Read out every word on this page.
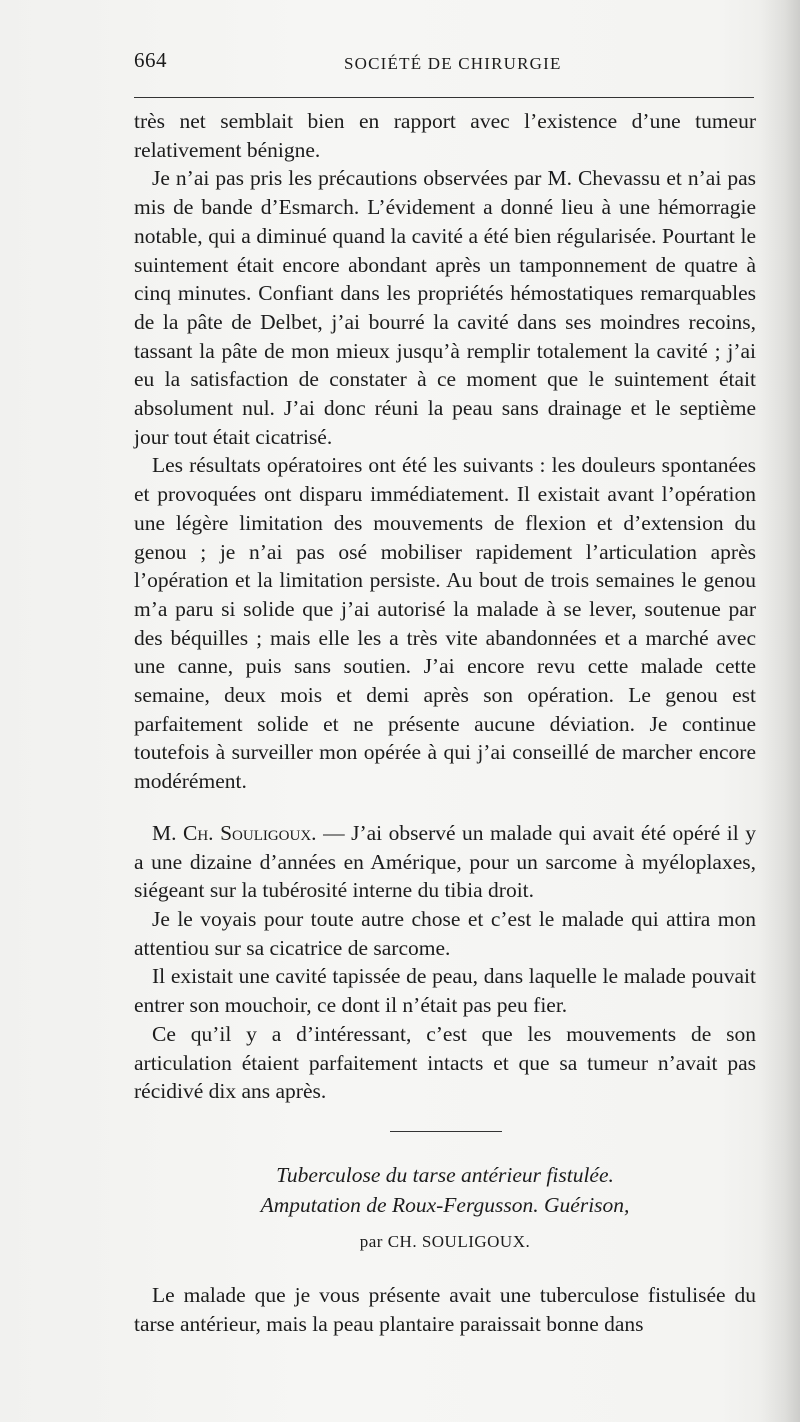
664	SOCIÉTÉ DE CHIRURGIE

très net semblait bien en rapport avec l’existence d’une tumeur relativement bénigne.

Je n’ai pas pris les précautions observées par M. Chevassu et n’ai pas mis de bande d’Esmarch. L’évidement a donné lieu à une hémorragie notable, qui a diminué quand la cavité a été bien régularisée. Pourtant le suintement était encore abondant après un tamponnement de quatre à cinq minutes. Confiant dans les propriétés hémostatiques remarquables de la pâte de Delbet, j’ai bourré la cavité dans ses moindres recoins, tassant la pâte de mon mieux jusqu’à remplir totalement la cavité ; j’ai eu la satisfaction de constater à ce moment que le suintement était absolument nul. J’ai donc réuni la peau sans drainage et le septième jour tout était cicatrisé.

Les résultats opératoires ont été les suivants : les douleurs spontanées et provoquées ont disparu immédiatement. Il existait avant l’opération une légère limitation des mouvements de flexion et d’extension du genou ; je n’ai pas osé mobiliser rapidement l’articulation après l’opération et la limitation persiste. Au bout de trois semaines le genou m’a paru si solide que j’ai autorisé la malade à se lever, soutenue par des béquilles ; mais elle les a très vite abandonnées et a marché avec une canne, puis sans soutien. J’ai encore revu cette malade cette semaine, deux mois et demi après son opération. Le genou est parfaitement solide et ne présente aucune déviation. Je continue toutefois à surveiller mon opérée à qui j’ai conseillé de marcher encore modérément.

M. Ch. Souligoux. — J’ai observé un malade qui avait été opéré il y a une dizaine d’années en Amérique, pour un sarcome à myéloplaxes, siégeant sur la tubérosité interne du tibia droit.

Je le voyais pour toute autre chose et c’est le malade qui attira mon attentiou sur sa cicatrice de sarcome.

Il existait une cavité tapissée de peau, dans laquelle le malade pouvait entrer son mouchoir, ce dont il n’était pas peu fier.

Ce qu’il y a d’intéressant, c’est que les mouvements de son articulation étaient parfaitement intacts et que sa tumeur n’avait pas récidivé dix ans après.

Tuberculose du tarse antérieur fistulée.
Amputation de Roux-Fergusson. Guérison,
par CH. SOULIGOUX.

Le malade que je vous présente avait une tuberculose fistulisée du tarse antérieur, mais la peau plantaire paraissait bonne dans
